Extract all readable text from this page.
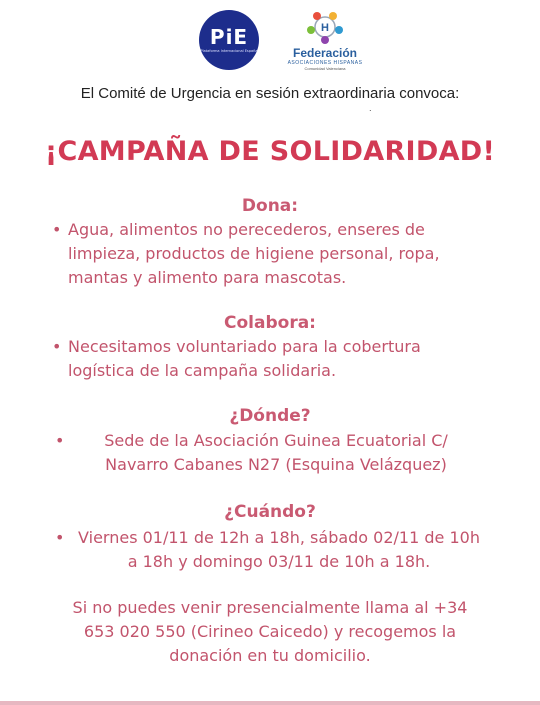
PiE
Plataforma Internacional España
H
Federación
ASOCIACIONES HISPANAS
Comunidad Valenciana
El Comité de Urgencia en sesión extraordinaria convoca:
.
¡CAMPAÑA DE SOLIDARIDAD!
Dona:
• Agua, alimentos no perecederos, enseres de
limpieza, productos de higiene personal, ropa,
mantas y alimento para mascotas.
Colabora:
• Necesitamos voluntariado para la cobertura
logística de la campaña solidaria.
¿Dónde?
•	Sede de la Asociación Guinea Ecuatorial C/
Navarro Cabanes N27 (Esquina Velázquez)
¿Cuándo?
• Viernes 01/11 de 12h a 18h, sábado 02/11 de 10h
a 18h y domingo 03/11 de 10h a 18h.
Si no puedes venir presencialmente llama al +34
653 020 550 (Cirineo Caicedo) y recogemos la
donación en tu domicilio.
